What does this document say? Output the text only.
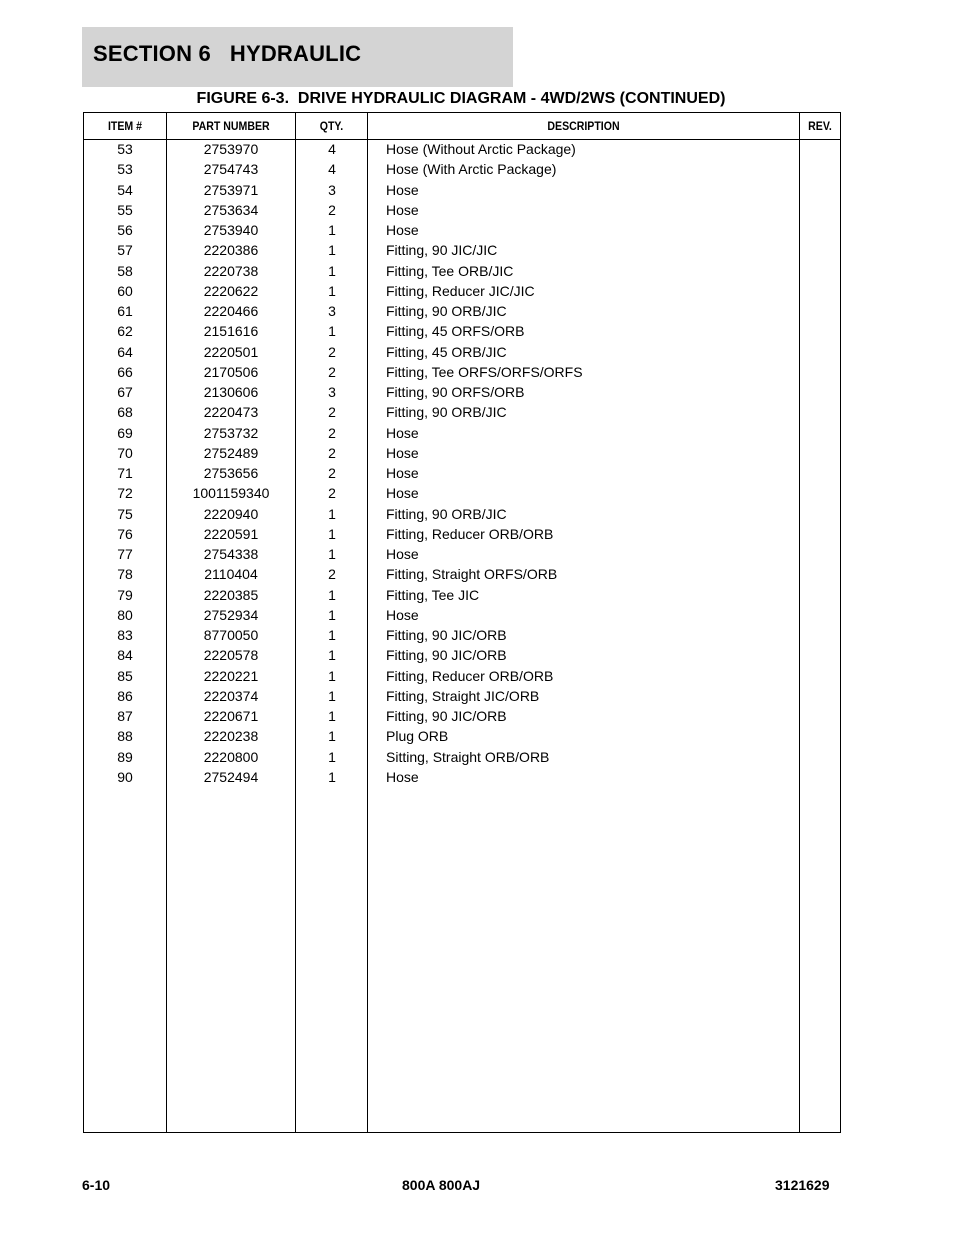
SECTION 6   HYDRAULIC
FIGURE 6-3.  DRIVE HYDRAULIC DIAGRAM - 4WD/2WS (CONTINUED)
ITEM #	PART NUMBER	QTY.	DESCRIPTION	REV.
53	2753970	4	Hose (Without Arctic Package)
53	2754743	4	Hose (With Arctic Package)
54	2753971	3	Hose
55	2753634	2	Hose
56	2753940	1	Hose
57	2220386	1	Fitting, 90 JIC/JIC
58	2220738	1	Fitting, Tee ORB/JIC
60	2220622	1	Fitting, Reducer JIC/JIC
61	2220466	3	Fitting, 90 ORB/JIC
62	2151616	1	Fitting, 45 ORFS/ORB
64	2220501	2	Fitting, 45 ORB/JIC
66	2170506	2	Fitting, Tee ORFS/ORFS/ORFS
67	2130606	3	Fitting, 90 ORFS/ORB
68	2220473	2	Fitting, 90 ORB/JIC
69	2753732	2	Hose
70	2752489	2	Hose
71	2753656	2	Hose
72	1001159340	2	Hose
75	2220940	1	Fitting, 90 ORB/JIC
76	2220591	1	Fitting, Reducer ORB/ORB
77	2754338	1	Hose
78	2110404	2	Fitting, Straight ORFS/ORB
79	2220385	1	Fitting, Tee JIC
80	2752934	1	Hose
83	8770050	1	Fitting, 90 JIC/ORB
84	2220578	1	Fitting, 90 JIC/ORB
85	2220221	1	Fitting, Reducer ORB/ORB
86	2220374	1	Fitting, Straight JIC/ORB
87	2220671	1	Fitting, 90 JIC/ORB
88	2220238	1	Plug ORB
89	2220800	1	Sitting, Straight ORB/ORB
90	2752494	1	Hose
6-10	800A 800AJ	3121629
